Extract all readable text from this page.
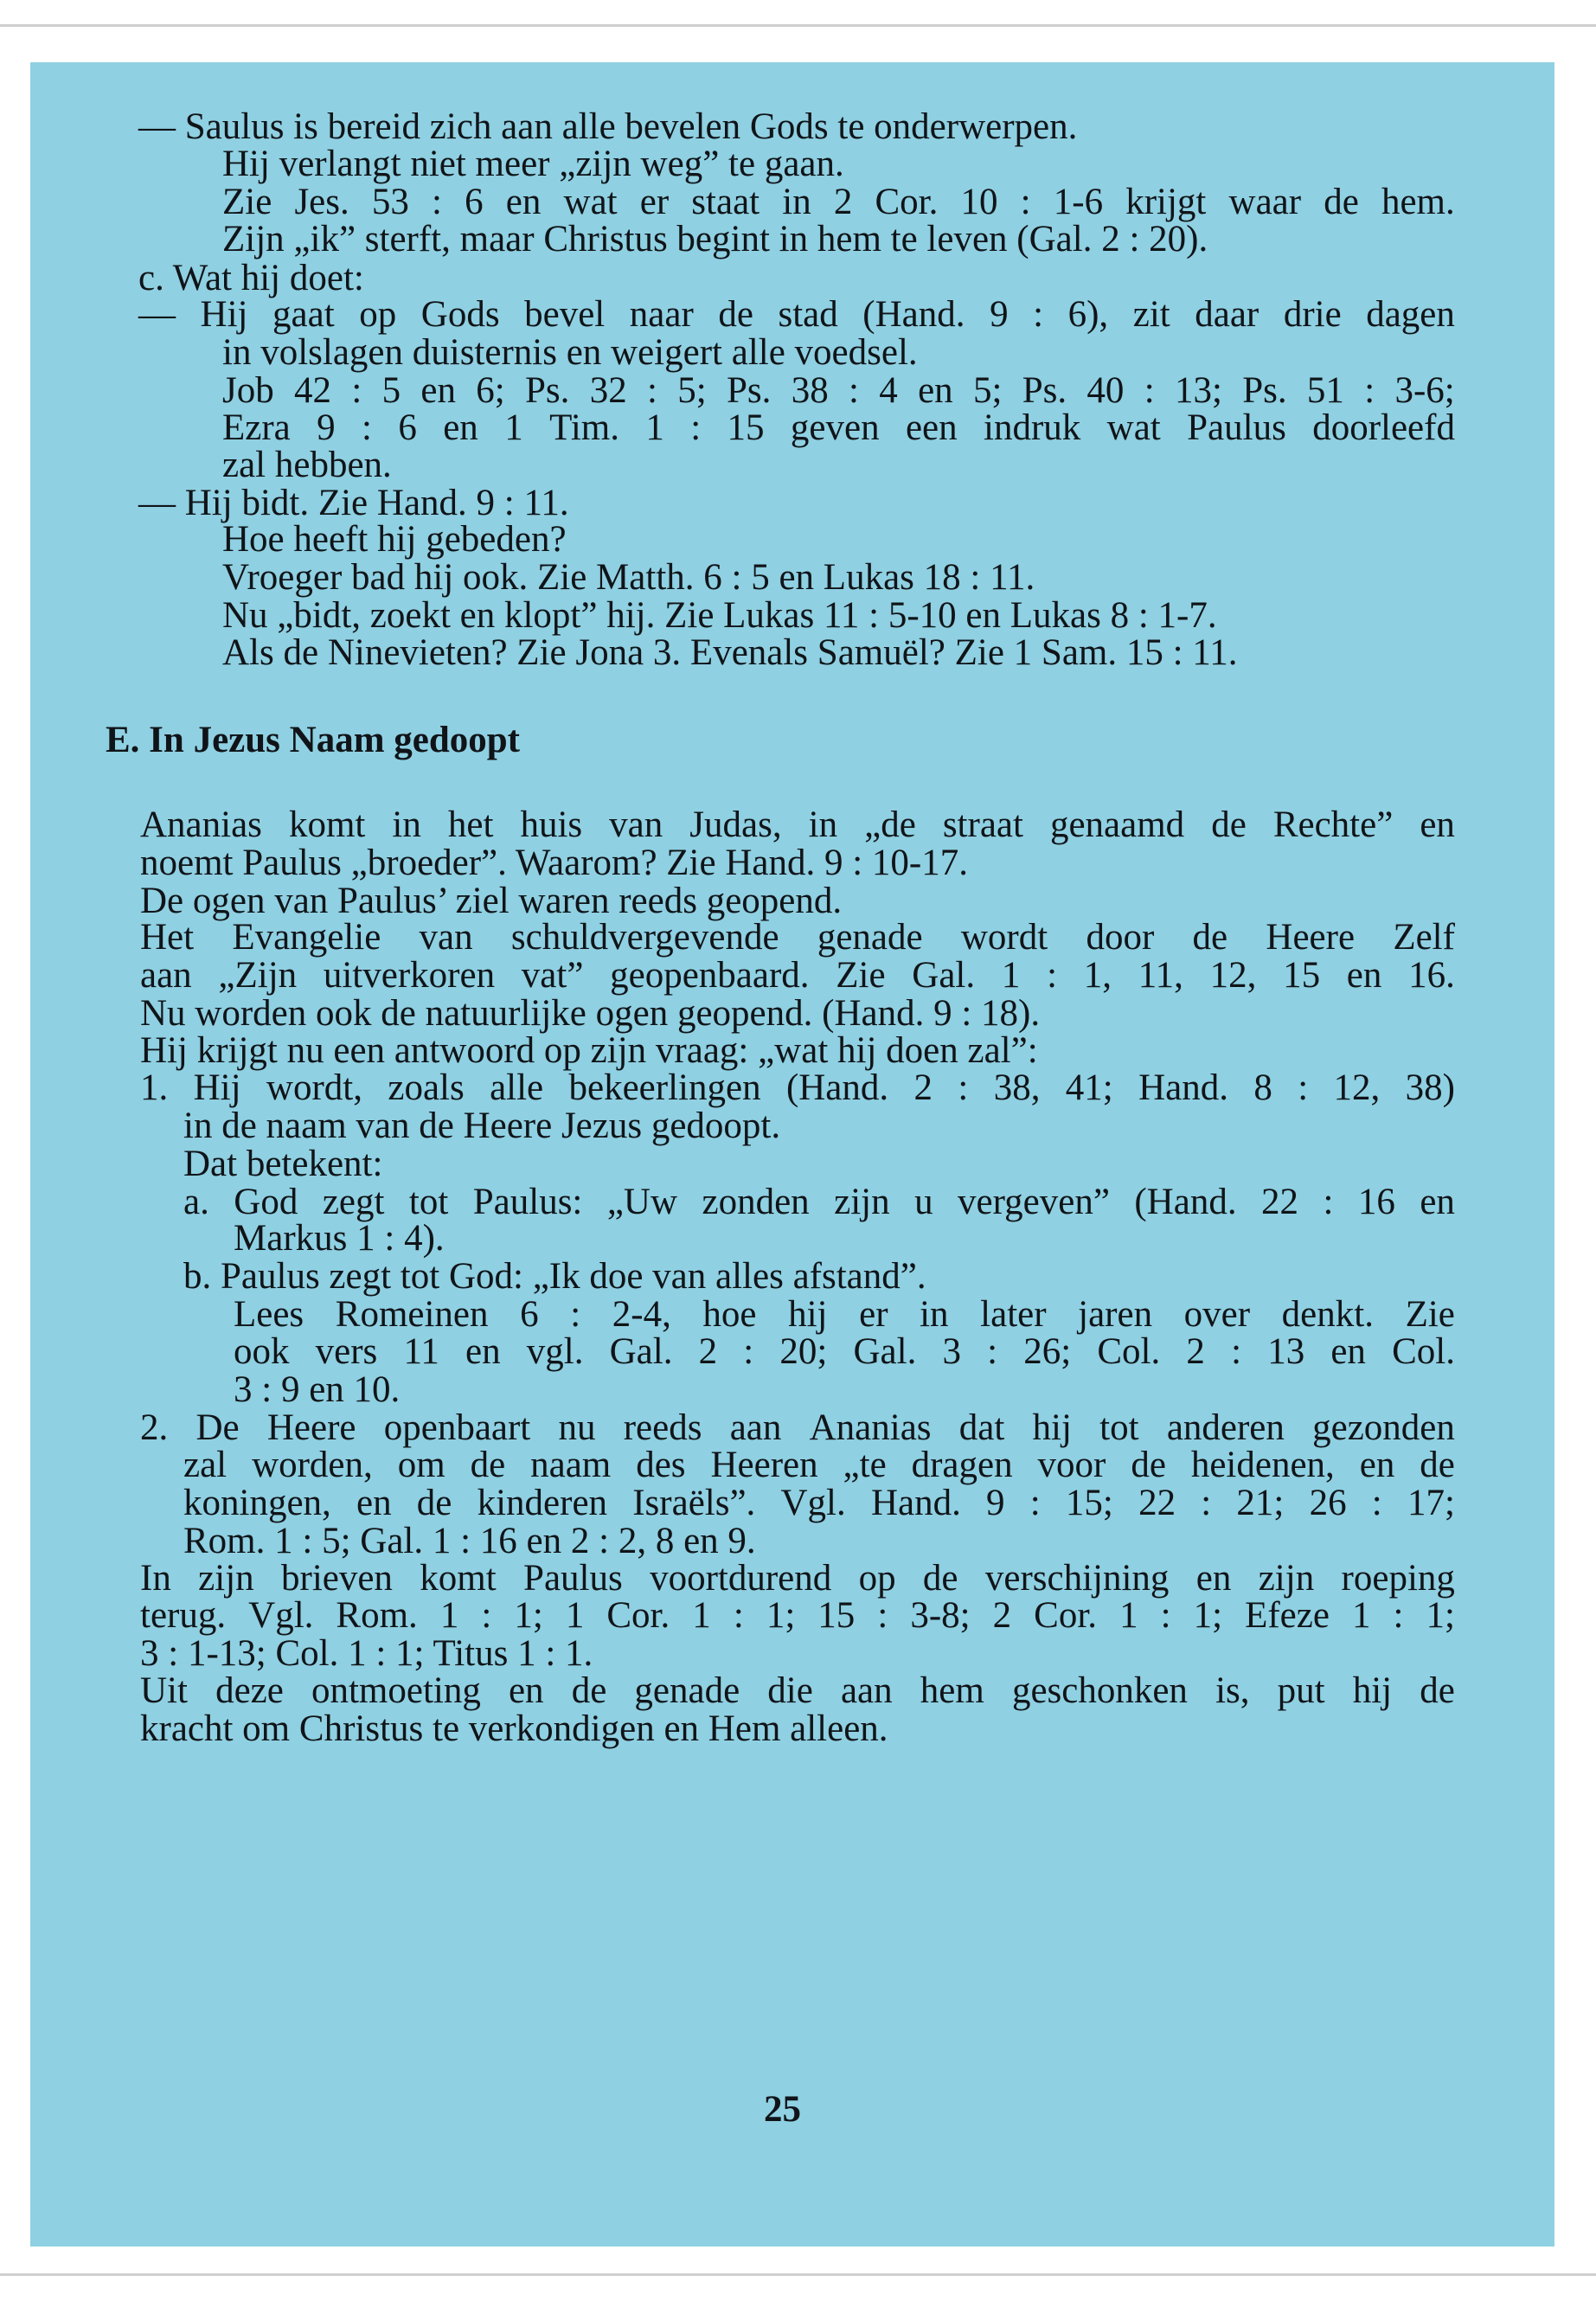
— Saulus is bereid zich aan alle bevelen Gods te onderwerpen.
Hij verlangt niet meer „zijn weg” te gaan.
Zie Jes. 53 : 6 en wat er staat in 2 Cor. 10 : 1-6 krijgt waar de hem.
Zijn „ik” sterft, maar Christus begint in hem te leven (Gal. 2 : 20).
c. Wat hij doet:
— Hij gaat op Gods bevel naar de stad (Hand. 9 : 6), zit daar drie dagen
in volslagen duisternis en weigert alle voedsel.
Job 42 : 5 en 6; Ps. 32 : 5; Ps. 38 : 4 en 5; Ps. 40 : 13; Ps. 51 : 3-6;
Ezra 9 : 6 en 1 Tim. 1 : 15 geven een indruk wat Paulus doorleefd
zal hebben.
— Hij bidt. Zie Hand. 9 : 11.
Hoe heeft hij gebeden?
Vroeger bad hij ook. Zie Matth. 6 : 5 en Lukas 18 : 11.
Nu „bidt, zoekt en klopt” hij. Zie Lukas 11 : 5-10 en Lukas 8 : 1-7.
Als de Ninevieten? Zie Jona 3. Evenals Samuël? Zie 1 Sam. 15 : 11.
E. In Jezus Naam gedoopt
Ananias komt in het huis van Judas, in „de straat genaamd de Rechte” en
noemt Paulus „broeder”. Waarom? Zie Hand. 9 : 10-17.
De ogen van Paulus’ ziel waren reeds geopend.
Het Evangelie van schuldvergevende genade wordt door de Heere Zelf
aan „Zijn uitverkoren vat” geopenbaard. Zie Gal. 1 : 1, 11, 12, 15 en 16.
Nu worden ook de natuurlijke ogen geopend. (Hand. 9 : 18).
Hij krijgt nu een antwoord op zijn vraag: „wat hij doen zal”:
1. Hij wordt, zoals alle bekeerlingen (Hand. 2 : 38, 41; Hand. 8 : 12, 38)
in de naam van de Heere Jezus gedoopt.
Dat betekent:
a. God zegt tot Paulus: „Uw zonden zijn u vergeven” (Hand. 22 : 16 en
Markus 1 : 4).
b. Paulus zegt tot God: „Ik doe van alles afstand”.
Lees Romeinen 6 : 2-4, hoe hij er in later jaren over denkt. Zie
ook vers 11 en vgl. Gal. 2 : 20; Gal. 3 : 26; Col. 2 : 13 en Col.
3 : 9 en 10.
2. De Heere openbaart nu reeds aan Ananias dat hij tot anderen gezonden
zal worden, om de naam des Heeren „te dragen voor de heidenen, en de
koningen, en de kinderen Israëls”. Vgl. Hand. 9 : 15; 22 : 21; 26 : 17;
Rom. 1 : 5; Gal. 1 : 16 en 2 : 2, 8 en 9.
In zijn brieven komt Paulus voortdurend op de verschijning en zijn roeping
terug. Vgl. Rom. 1 : 1; 1 Cor. 1 : 1; 15 : 3-8; 2 Cor. 1 : 1; Efeze 1 : 1;
3 : 1-13; Col. 1 : 1; Titus 1 : 1.
Uit deze ontmoeting en de genade die aan hem geschonken is, put hij de
kracht om Christus te verkondigen en Hem alleen.
25
